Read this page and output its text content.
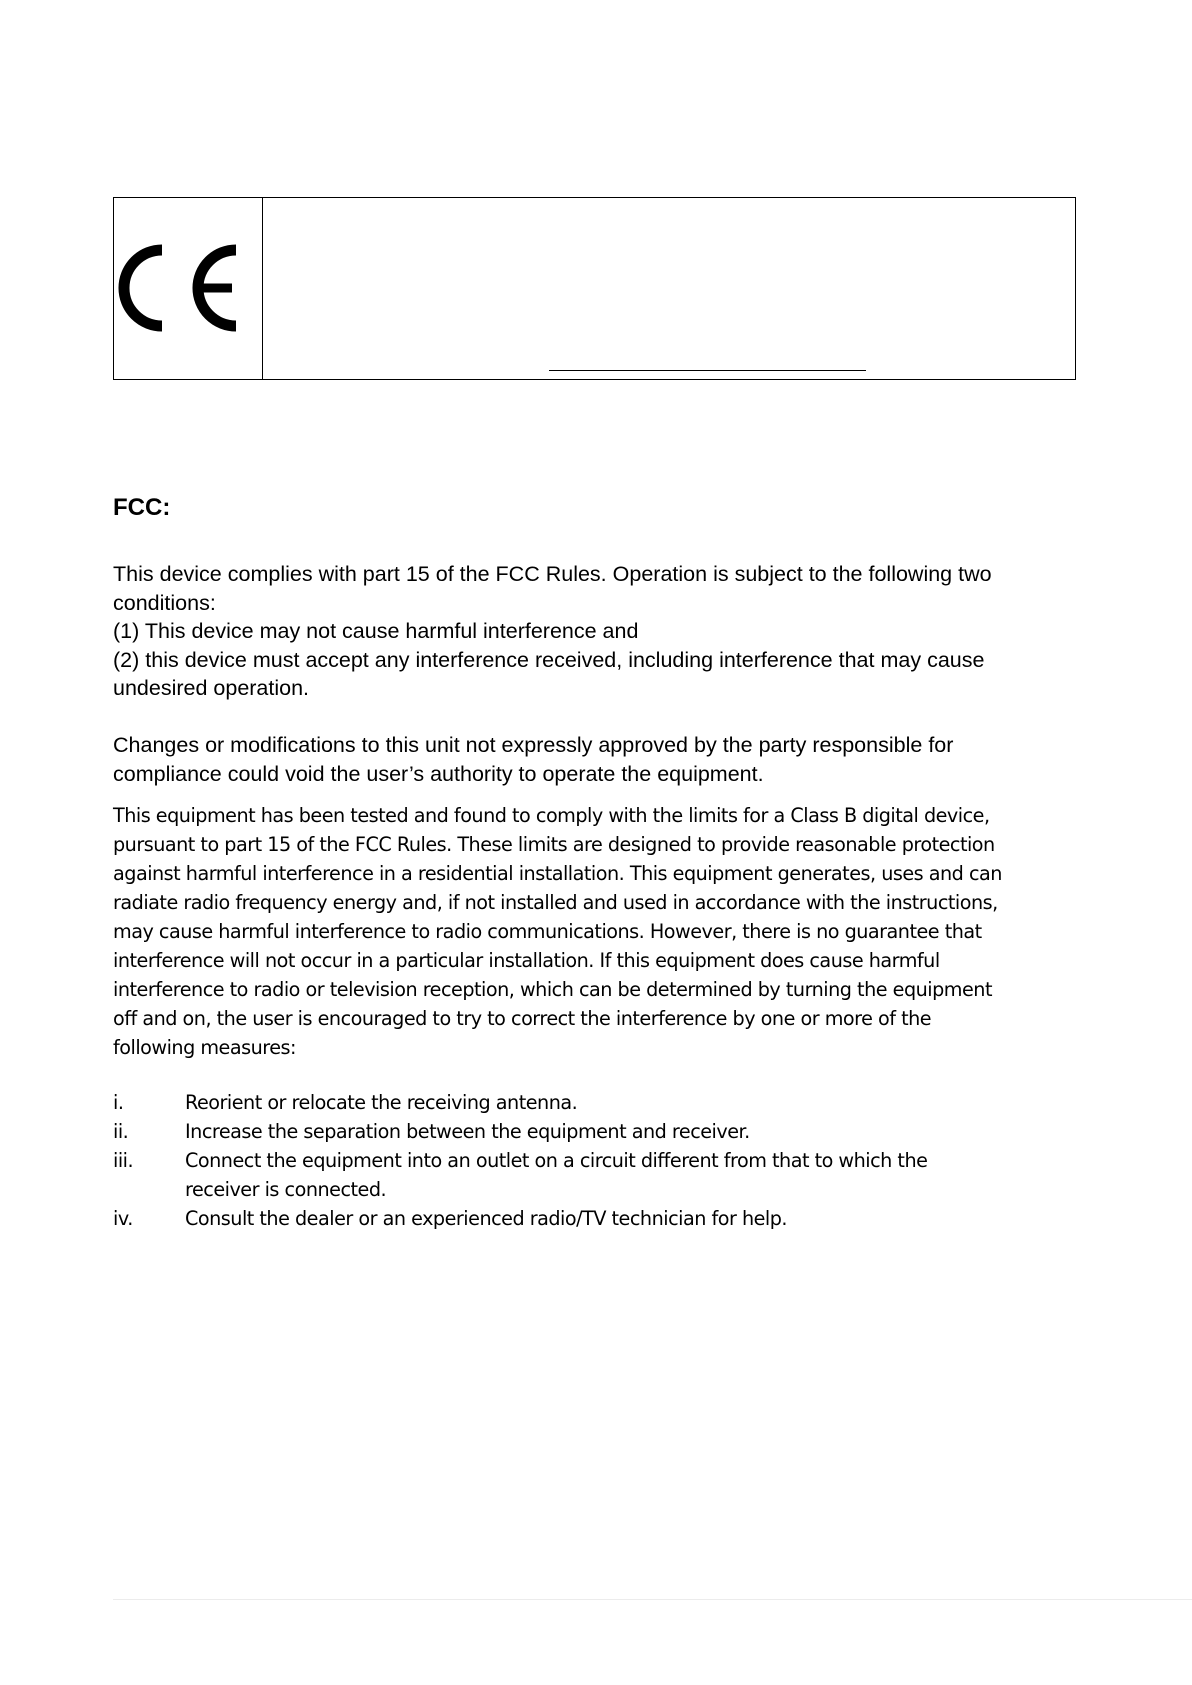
FCC:

This device complies with part 15 of the FCC Rules. Operation is subject to the following two
conditions:
(1) This device may not cause harmful interference and
(2) this device must accept any interference received, including interference that may cause
undesired operation.

Changes or modifications to this unit not expressly approved by the party responsible for
compliance could void the user’s authority to operate the equipment.

This equipment has been tested and found to comply with the limits for a Class B digital device,
pursuant to part 15 of the FCC Rules. These limits are designed to provide reasonable protection
against harmful interference in a residential installation. This equipment generates, uses and can
radiate radio frequency energy and, if not installed and used in accordance with the instructions,
may cause harmful interference to radio communications. However, there is no guarantee that
interference will not occur in a particular installation. If this equipment does cause harmful
interference to radio or television reception, which can be determined by turning the equipment
off and on, the user is encouraged to try to correct the interference by one or more of the
following measures:

i.	Reorient or relocate the receiving antenna.
ii.	Increase the separation between the equipment and receiver.
iii.	Connect the equipment into an outlet on a circuit different from that to which the
receiver is connected.
iv.	Consult the dealer or an experienced radio/TV technician for help.
